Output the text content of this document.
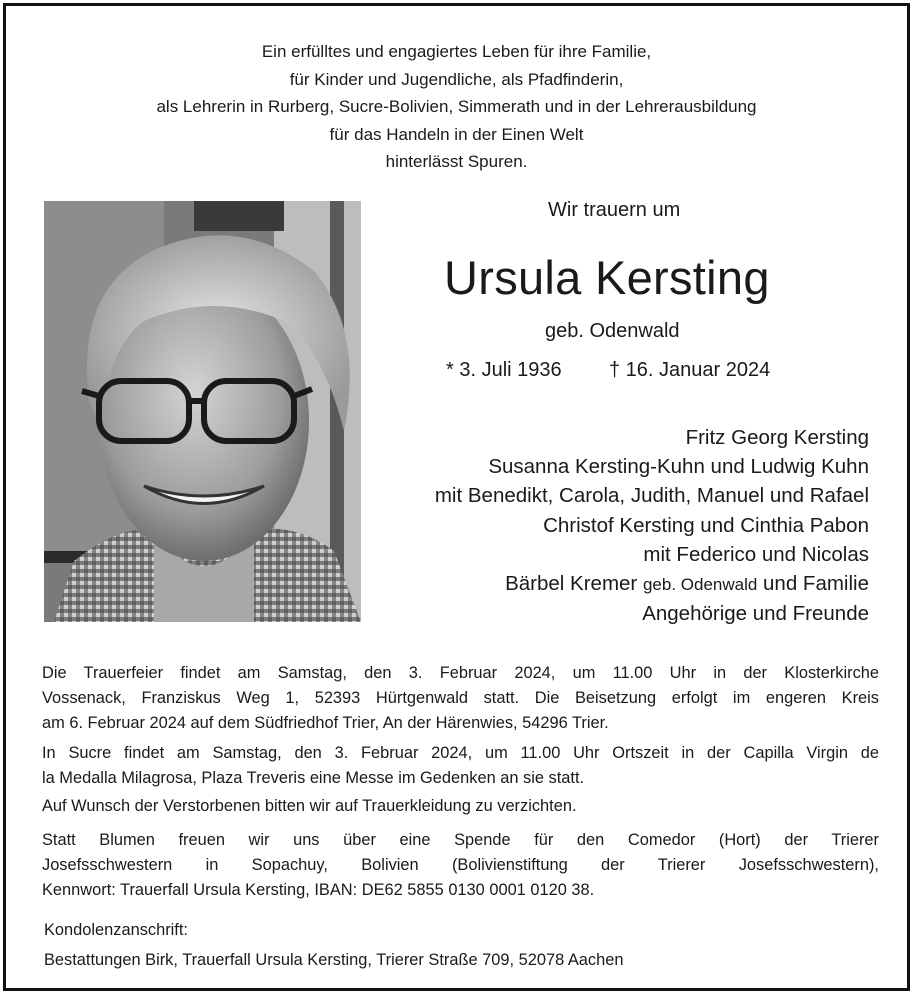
Ein erfülltes und engagiertes Leben für ihre Familie,
für Kinder und Jugendliche, als Pfadfinderin,
als Lehrerin in Rurberg, Sucre-Bolivien, Simmerath und in der Lehrerausbildung
für das Handeln in der Einen Welt
hinterlässt Spuren.
Wir trauern um
Ursula Kersting
geb. Odenwald
* 3. Juli 1936 † 16. Januar 2024
Fritz Georg Kersting
Susanna Kersting-Kuhn und Ludwig Kuhn
mit Benedikt, Carola, Judith, Manuel und Rafael
Christof Kersting und Cinthia Pabon
mit Federico und Nicolas
Bärbel Kremer geb. Odenwald und Familie
Angehörige und Freunde
Die Trauerfeier findet am Samstag, den 3. Februar 2024, um 11.00 Uhr in der Klosterkirche
Vossenack, Franziskus Weg 1, 52393 Hürtgenwald statt. Die Beisetzung erfolgt im engeren Kreis
am 6. Februar 2024 auf dem Südfriedhof Trier, An der Härenwies, 54296 Trier.
In Sucre findet am Samstag, den 3. Februar 2024, um 11.00 Uhr Ortszeit in der Capilla Virgin de
la Medalla Milagrosa, Plaza Treveris eine Messe im Gedenken an sie statt.
Auf Wunsch der Verstorbenen bitten wir auf Trauerkleidung zu verzichten.
Statt Blumen freuen wir uns über eine Spende für den Comedor (Hort) der Trierer
Josefsschwestern in Sopachuy, Bolivien (Bolivienstiftung der Trierer Josefsschwestern),
Kennwort: Trauerfall Ursula Kersting, IBAN: DE62 5855 0130 0001 0120 38.
Kondolenzanschrift:
Bestattungen Birk, Trauerfall Ursula Kersting, Trierer Straße 709, 52078 Aachen
